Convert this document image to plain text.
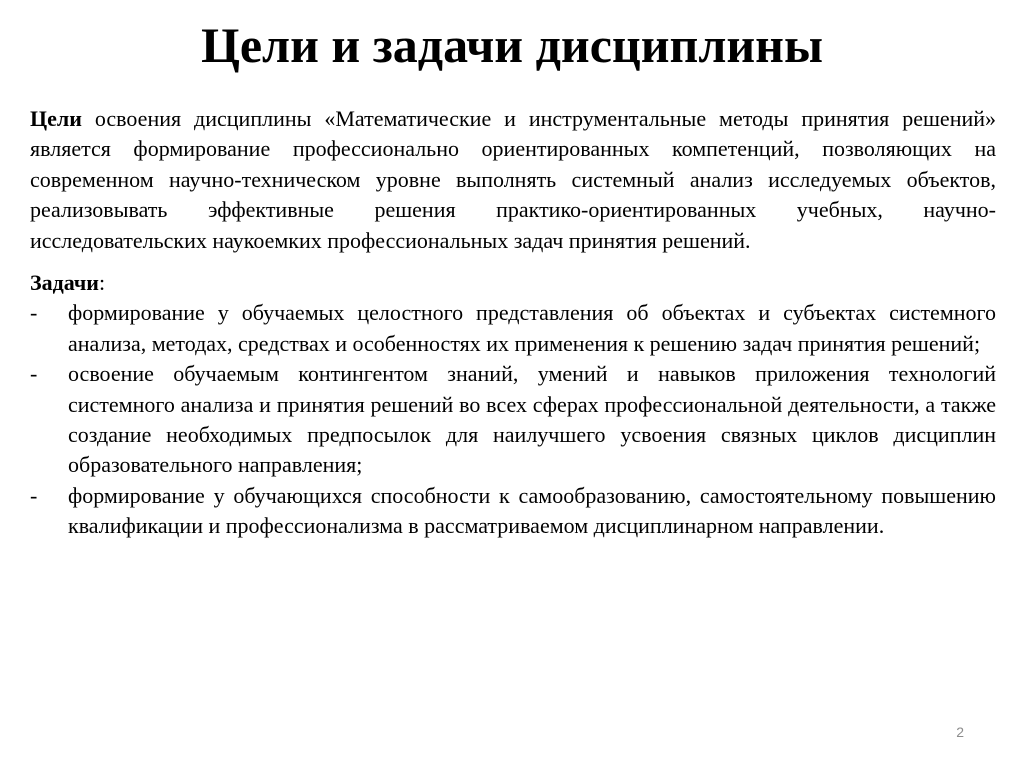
Цели и задачи дисциплины

Цели освоения дисциплины «Математические и инструментальные методы принятия решений» является формирование профессионально ориентированных компетенций, позволяющих на современном научно-техническом уровне выполнять системный анализ исследуемых объектов, реализовывать эффективные решения практико-ориентированных учебных, научно-исследовательских наукоемких профессиональных задач принятия решений.

Задачи:

- формирование у обучаемых целостного представления об объектах и субъектах системного анализа, методах, средствах и особенностях их применения к решению задач принятия решений;
- освоение обучаемым контингентом знаний, умений и навыков приложения технологий системного анализа и принятия решений во всех сферах профессиональной деятельности, а также создание необходимых предпосылок для наилучшего усвоения связных циклов дисциплин образовательного направления;
- формирование у обучающихся способности к самообразованию, самостоятельному повышению квалификации и профессионализма в рассматриваемом дисциплинарном направлении.
2
